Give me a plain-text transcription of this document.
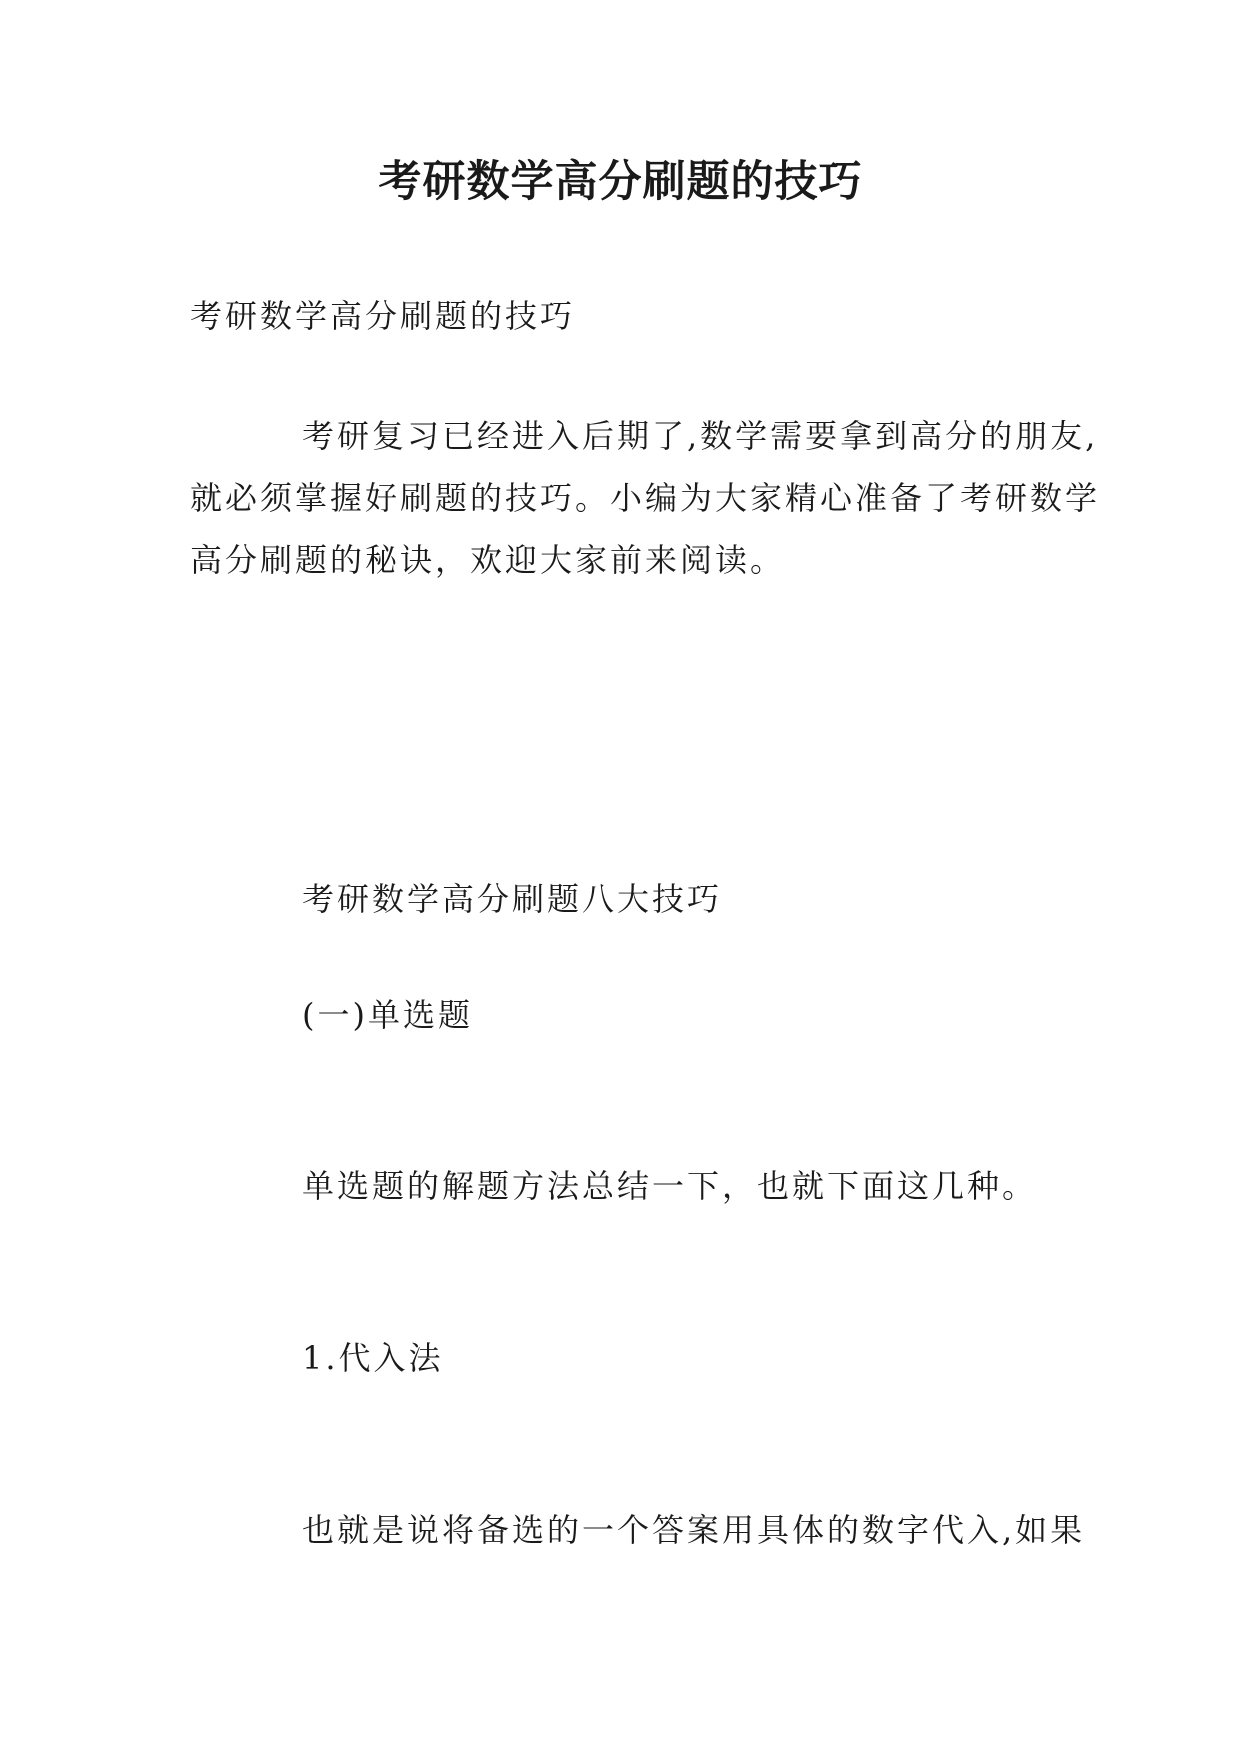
考研数学高分刷题的技巧

考研数学高分刷题的技巧

考研复习已经进入后期了,数学需要拿到高分的朋友,
就必须掌握好刷题的技巧。小编为大家精心准备了考研数学
高分刷题的秘诀，欢迎大家前来阅读。

考研数学高分刷题八大技巧

(一)单选题

单选题的解题方法总结一下，也就下面这几种。

1.代入法

也就是说将备选的一个答案用具体的数字代入,如果
